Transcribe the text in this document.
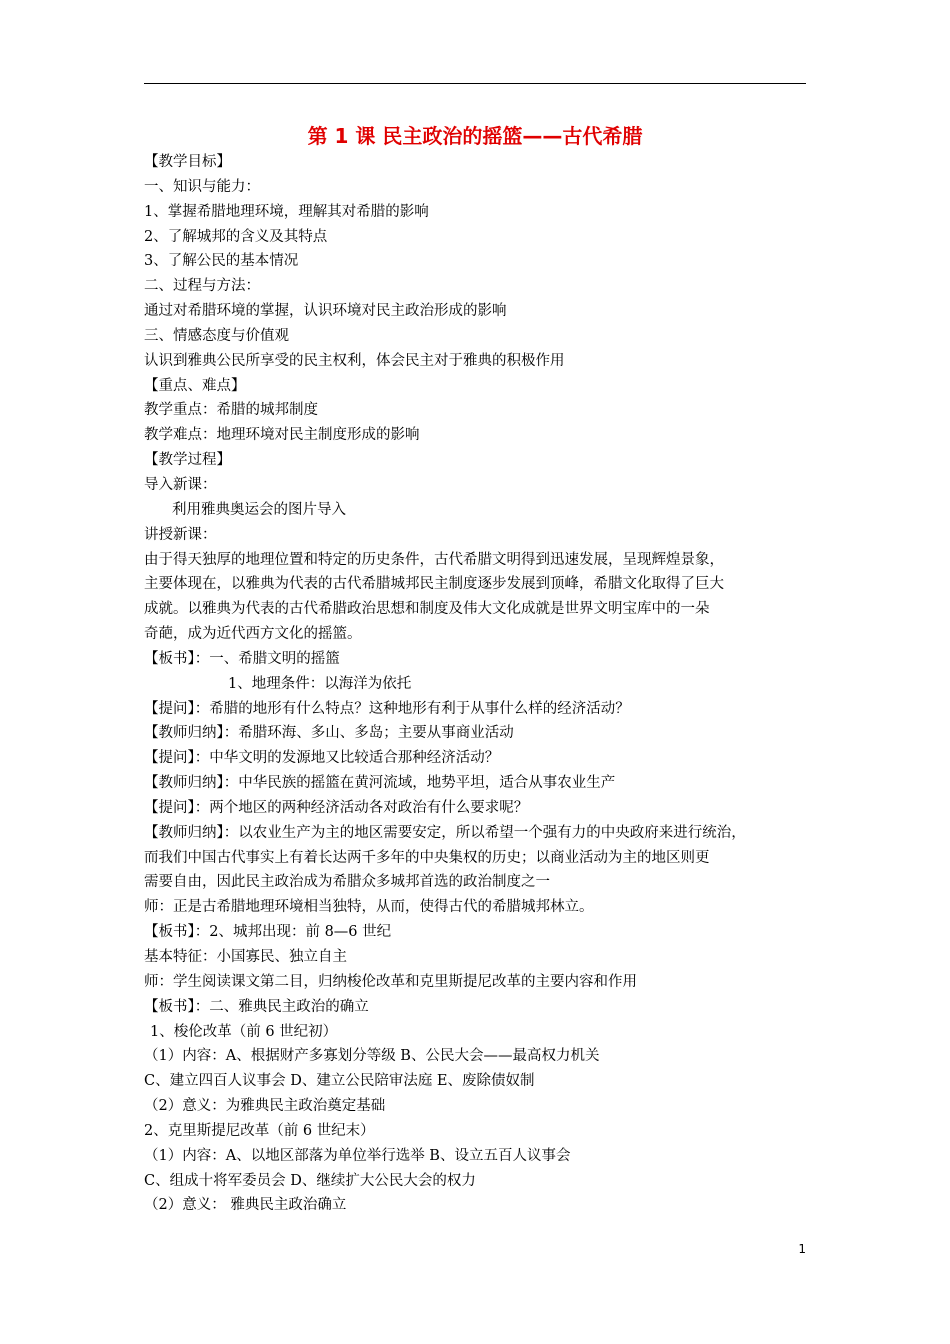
第 1 课 民主政治的摇篮——古代希腊
【教学目标】
一、知识与能力：
1、掌握希腊地理环境，理解其对希腊的影响
2、了解城邦的含义及其特点
3、了解公民的基本情况
二、过程与方法：
通过对希腊环境的掌握，认识环境对民主政治形成的影响
三、情感态度与价值观
认识到雅典公民所享受的民主权利，体会民主对于雅典的积极作用
【重点、难点】
教学重点：希腊的城邦制度
教学难点：地理环境对民主制度形成的影响
【教学过程】
导入新课：
利用雅典奥运会的图片导入
讲授新课：
由于得天独厚的地理位置和特定的历史条件，古代希腊文明得到迅速发展，呈现辉煌景象，
主要体现在，以雅典为代表的古代希腊城邦民主制度逐步发展到顶峰，希腊文化取得了巨大
成就。以雅典为代表的古代希腊政治思想和制度及伟大文化成就是世界文明宝库中的一朵
奇葩，成为近代西方文化的摇篮。
【板书】：一、希腊文明的摇篮
1、地理条件：以海洋为依托
【提问】：希腊的地形有什么特点？这种地形有利于从事什么样的经济活动？
【教师归纳】：希腊环海、多山、多岛；主要从事商业活动
【提问】：中华文明的发源地又比较适合那种经济活动？
【教师归纳】：中华民族的摇篮在黄河流域，地势平坦，适合从事农业生产
【提问】：两个地区的两种经济活动各对政治有什么要求呢？
【教师归纳】：以农业生产为主的地区需要安定，所以希望一个强有力的中央政府来进行统治，
而我们中国古代事实上有着长达两千多年的中央集权的历史；以商业活动为主的地区则更
需要自由，因此民主政治成为希腊众多城邦首选的政治制度之一
师：正是古希腊地理环境相当独特，从而，使得古代的希腊城邦林立。
【板书】：2、城邦出现：前 8—6 世纪
基本特征：小国寡民、独立自主
师：学生阅读课文第二目，归纳梭伦改革和克里斯提尼改革的主要内容和作用
【板书】：二、雅典民主政治的确立
1、梭伦改革（前 6 世纪初）
（1）内容：A、根据财产多寡划分等级 B、公民大会——最高权力机关
C、建立四百人议事会 D、建立公民陪审法庭 E、废除债奴制
（2）意义：为雅典民主政治奠定基础
2、克里斯提尼改革（前 6 世纪末）
（1）内容：A、以地区部落为单位举行选举 B、设立五百人议事会
C、组成十将军委员会 D、继续扩大公民大会的权力
（2）意义： 雅典民主政治确立
1
